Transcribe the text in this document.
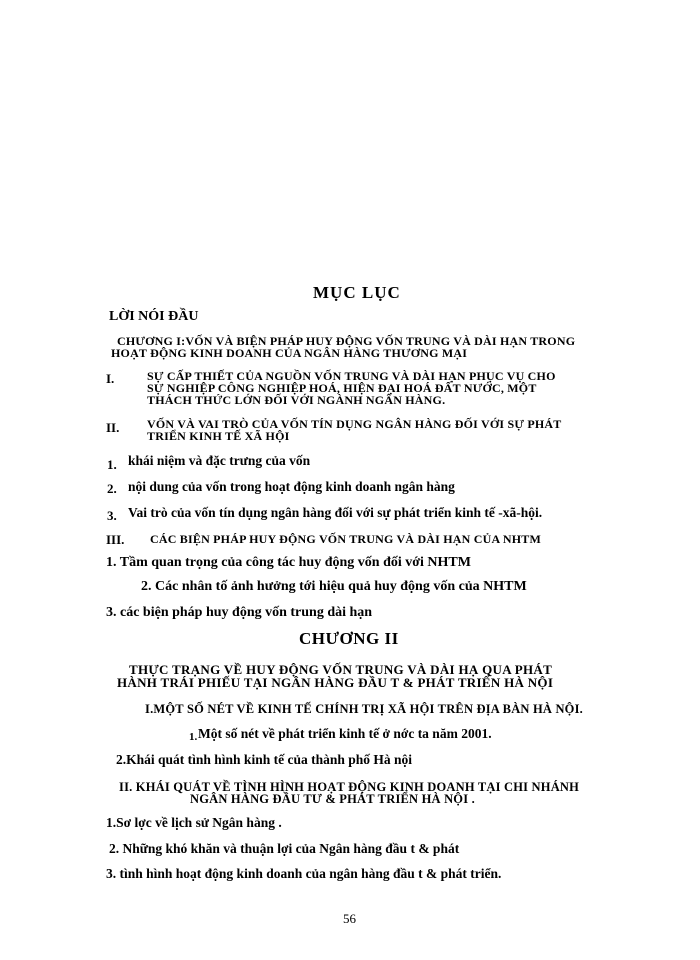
MỤC LỤC
LỜI NÓI ĐẦU
CHƯƠNG I:VỐN VÀ BIỆN PHÁP HUY ĐỘNG VỐN TRUNG VÀ DÀI HẠN TRONG
HOẠT ĐỘNG KINH DOANH CỦA NGÂN HÀNG THƯƠNG MẠI
I.	SỰ CẤP THIẾT CỦA NGUỒN VỐN TRUNG VÀ DÀI HẠN PHỤC VỤ CHO
SỰ NGHIỆP CÔNG NGHIỆP HOÁ, HIỆN ĐẠI HOÁ ĐẤT NƯỚC, MỘT
THÁCH THỨC LỚN ĐỐI VỚI NGÀNH NGÂN HÀNG.
II. VỐN VÀ VAI TRÒ CỦA VỐN TÍN DỤNG NGÂN HÀNG ĐỐI VỚI SỰ PHÁT
TRIỂN KINH TẾ XÃ HỘI
1. khái niệm và đặc trưng của vốn
2. nội dung của vốn trong hoạt động kinh doanh ngân hàng
3. Vai trò của vốn tín dụng ngân hàng đối với sự phát triển kinh tế -xã-hội.
III. CÁC BIỆN PHÁP HUY ĐỘNG VỐN TRUNG VÀ DÀI HẠN CỦA NHTM
1. Tầm quan trọng của công tác huy động vốn đối với NHTM
2. Các nhân tố ảnh hưởng tới hiệu quả huy động vốn của NHTM
3. các biện pháp huy động vốn trung dài hạn
CHƯƠNG II
THỰC TRẠNG VỀ HUY ĐỘNG VỐN TRUNG VÀ DÀI HẠ QUA PHÁT
HÀNH TRÁI PHIẾU TẠI NGÂN HÀNG ĐẦU T & PHÁT TRIỂN HÀ NỘI
I.MỘT SỐ NÉT VỀ KINH TẾ CHÍNH TRỊ XÃ HỘI TRÊN ĐỊA BÀN HÀ NỘI.
1. Một số nét về phát triển kinh tế ở nớc ta năm 2001.
2.Khái quát tình hình kinh tế của thành phố Hà nội
II. KHÁI QUÁT VỀ TÌNH HÌNH HOẠT ĐỘNG KINH DOANH TẠI CHI NHÁNH
NGÂN HÀNG ĐẦU TƯ & PHÁT TRIỂN HÀ NỘI .
1.Sơ lợc về lịch sử Ngân hàng .
2. Những khó khăn và thuận lợi của Ngân hàng đầu t & phát
3. tình hình hoạt động kinh doanh của ngân hàng đầu t & phát triển.
56
